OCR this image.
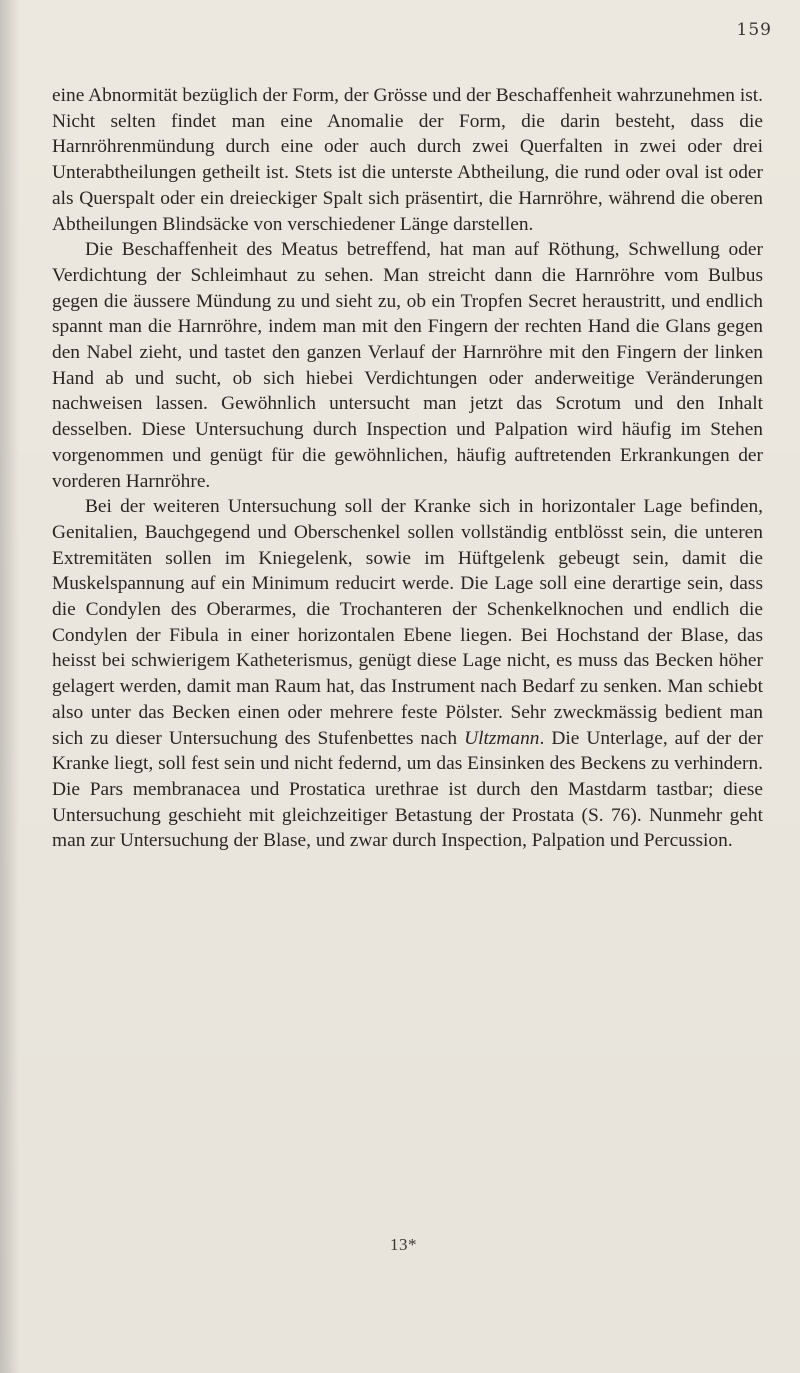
159

eine Abnormität bezüglich der Form, der Grösse und der Beschaffenheit wahrzunehmen ist. Nicht selten findet man eine Anomalie der Form, die darin besteht, dass die Harnröhrenmündung durch eine oder auch durch zwei Querfalten in zwei oder drei Unterabtheilungen getheilt ist. Stets ist die unterste Abtheilung, die rund oder oval ist oder als Querspalt oder ein dreieckiger Spalt sich präsentirt, die Harnröhre, während die oberen Abtheilungen Blindsäcke von verschiedener Länge darstellen.

Die Beschaffenheit des Meatus betreffend, hat man auf Röthung, Schwellung oder Verdichtung der Schleimhaut zu sehen. Man streicht dann die Harnröhre vom Bulbus gegen die äussere Mündung zu und sieht zu, ob ein Tropfen Secret heraustritt, und endlich spannt man die Harnröhre, indem man mit den Fingern der rechten Hand die Glans gegen den Nabel zieht, und tastet den ganzen Verlauf der Harnröhre mit den Fingern der linken Hand ab und sucht, ob sich hiebei Verdichtungen oder anderweitige Veränderungen nachweisen lassen. Gewöhnlich untersucht man jetzt das Scrotum und den Inhalt desselben. Diese Untersuchung durch Inspection und Palpation wird häufig im Stehen vorgenommen und genügt für die gewöhnlichen, häufig auftretenden Erkrankungen der vorderen Harnröhre.

Bei der weiteren Untersuchung soll der Kranke sich in horizontaler Lage befinden, Genitalien, Bauchgegend und Oberschenkel sollen vollständig entblösst sein, die unteren Extremitäten sollen im Kniegelenk, sowie im Hüftgelenk gebeugt sein, damit die Muskelspannung auf ein Minimum reducirt werde. Die Lage soll eine derartige sein, dass die Condylen des Oberarmes, die Trochanteren der Schenkelknochen und endlich die Condylen der Fibula in einer horizontalen Ebene liegen. Bei Hochstand der Blase, das heisst bei schwierigem Katheterismus, genügt diese Lage nicht, es muss das Becken höher gelagert werden, damit man Raum hat, das Instrument nach Bedarf zu senken. Man schiebt also unter das Becken einen oder mehrere feste Pölster. Sehr zweckmässig bedient man sich zu dieser Untersuchung des Stufenbettes nach Ultzmann. Die Unterlage, auf der der Kranke liegt, soll fest sein und nicht federnd, um das Einsinken des Beckens zu verhindern. Die Pars membranacea und Prostatica urethrae ist durch den Mastdarm tastbar; diese Untersuchung geschieht mit gleichzeitiger Betastung der Prostata (S. 76). Nunmehr geht man zur Untersuchung der Blase, und zwar durch Inspection, Palpation und Percussion.

13*
